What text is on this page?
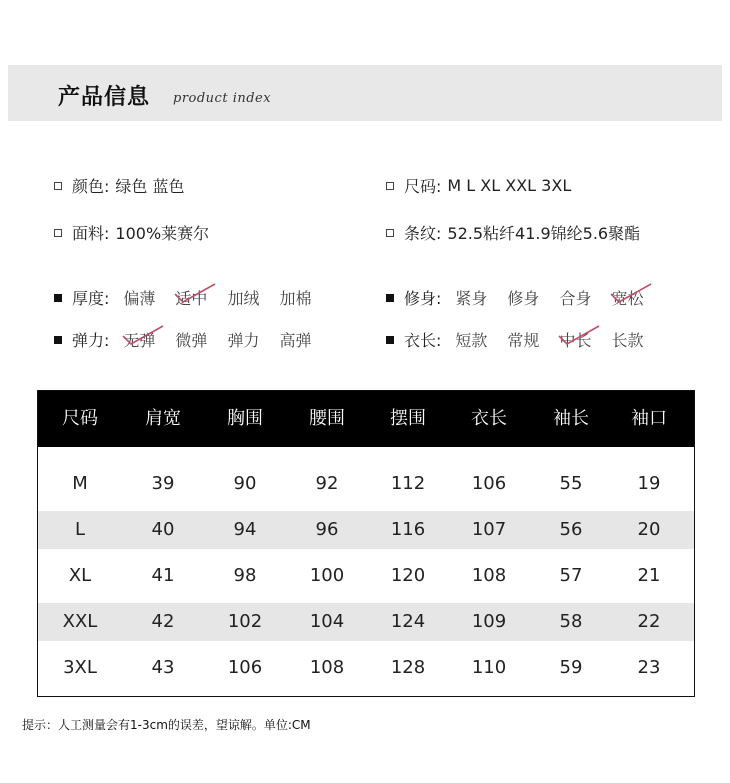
产品信息 product index
颜色: 绿色 蓝色	尺码: M L XL XXL 3XL
面料: 100%莱赛尔	条纹: 52.5粘纤41.9锦纶5.6聚酯
厚度: 偏薄 适中 加绒 加棉	修身: 紧身 修身 合身 宽松
弹力: 无弹 微弹 弹力 高弹	衣长: 短款 常规 中长 长款
尺码	肩宽	胸围	腰围	摆围	衣长	袖长	袖口
M	39	90	92	112	106	55	19
L	40	94	96	116	107	56	20
XL	41	98	100	120	108	57	21
XXL	42	102	104	124	109	58	22
3XL	43	106	108	128	110	59	23
提示：人工测量会有1-3cm的误差，望谅解。单位:CM
